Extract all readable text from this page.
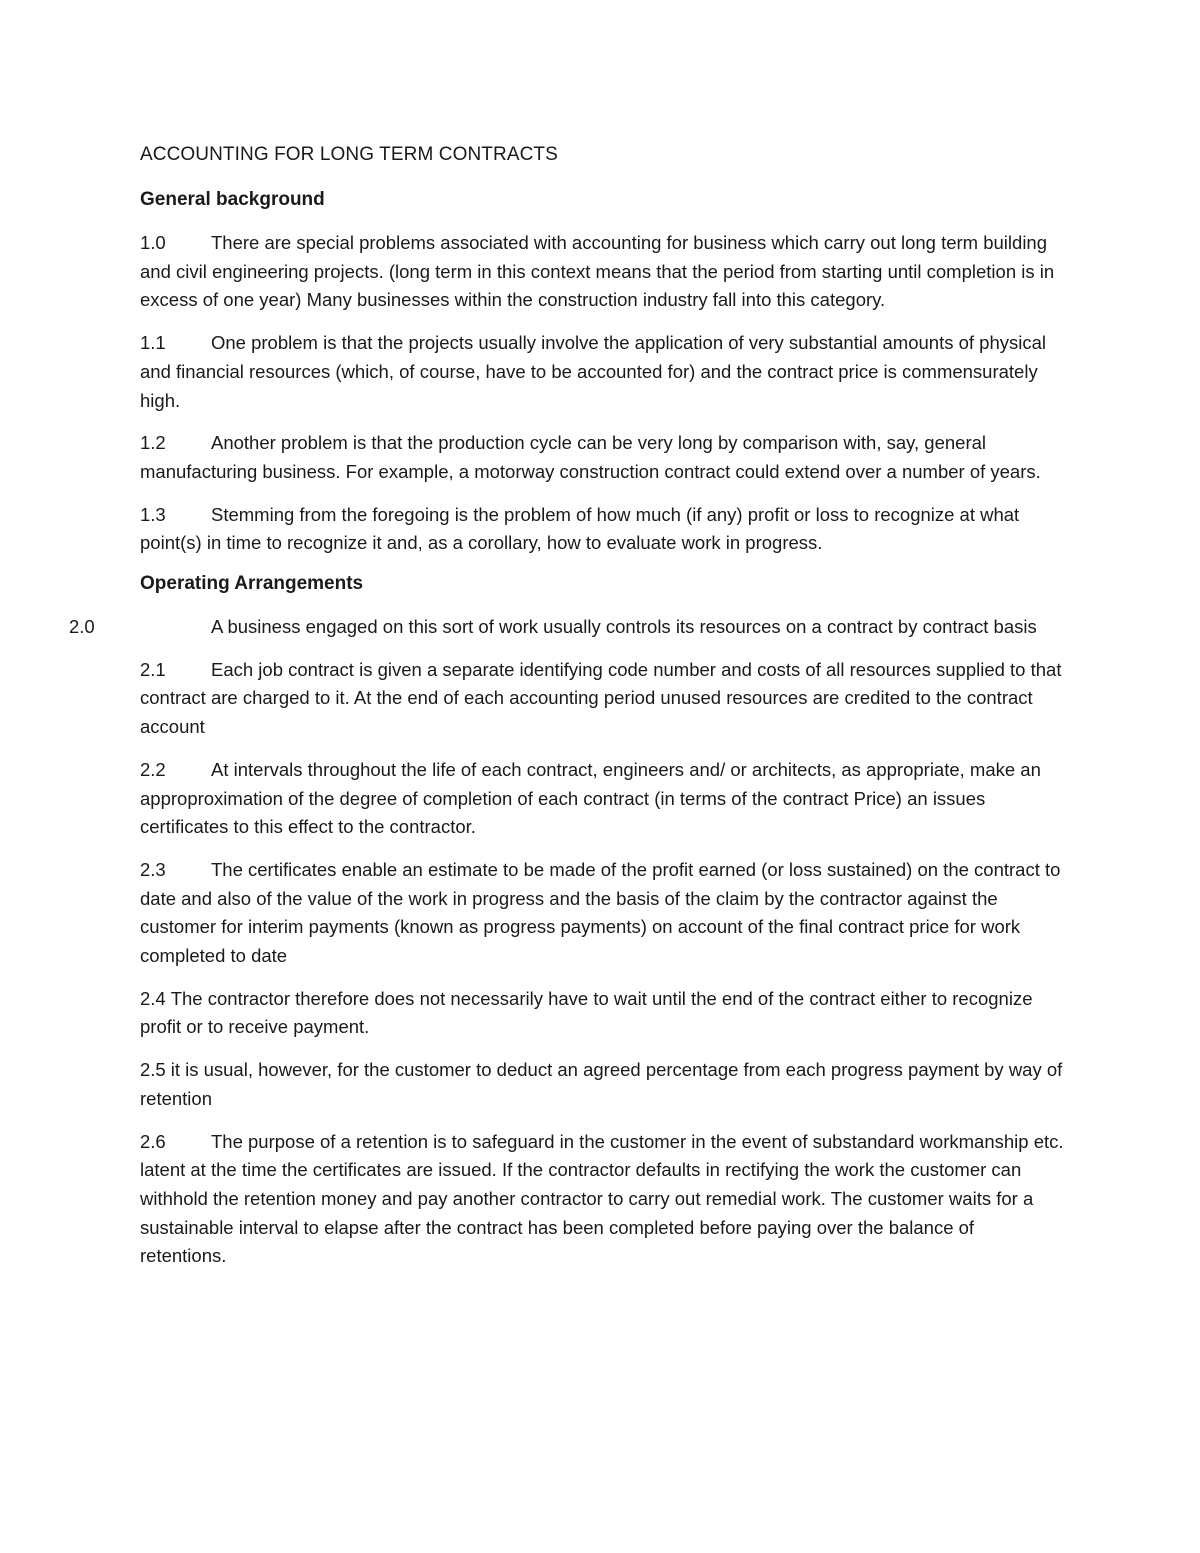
ACCOUNTING FOR LONG TERM CONTRACTS
General background

1.0 There are special problems associated with accounting for business which carry out long term building and civil engineering projects. (long term in this context means that the period from starting until completion is in excess of one year) Many businesses within the construction industry fall into this category.

1.1 One problem is that the projects usually involve the application of very substantial amounts of physical and financial resources (which, of course, have to be accounted for) and the contract price is commensurately high.

1.2 Another problem is that the production cycle can be very long by comparison with, say, general manufacturing business. For example, a motorway construction contract could extend over a number of years.

1.3 Stemming from the foregoing is the problem of how much (if any) profit or loss to recognize at what point(s) in time to recognize it and, as a corollary, how to evaluate work in progress.

Operating Arrangements

2.0	A business engaged on this sort of work usually controls its resources on a contract by contract basis

2.1 Each job contract is given a separate identifying code number and costs of all resources supplied to that contract are charged to it. At the end of each accounting period unused resources are credited to the contract account

2.2 At intervals throughout the life of each contract, engineers and/ or architects, as appropriate, make an approproximation of the degree of completion of each contract (in terms of the contract Price) an issues certificates to this effect to the contractor.

2.3 The certificates enable an estimate to be made of the profit earned (or loss sustained) on the contract to date and also of the value of the work in progress and the basis of the claim by the contractor against the customer for interim payments (known as progress payments) on account of the final contract price for work completed to date

2.4 The contractor therefore does not necessarily have to wait until the end of the contract either to recognize profit or to receive payment.

2.5 it is usual, however, for the customer to deduct an agreed percentage from each progress payment by way of retention

2.6 The purpose of a retention is to safeguard in the customer in the event of substandard workmanship etc. latent at the time the certificates are issued. If the contractor defaults in rectifying the work the customer can withhold the retention money and pay another contractor to carry out remedial work. The customer waits for a sustainable interval to elapse after the contract has been completed before paying over the balance of retentions.
